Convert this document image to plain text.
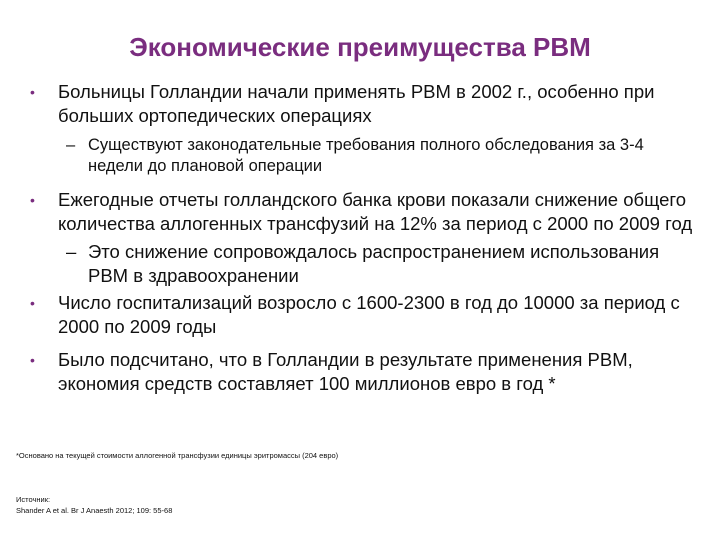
Экономические преимущества PBM
• Больницы Голландии начали применять PBM в 2002 г., особенно при больших ортопедических операциях
– Существуют законодательные требования полного обследования за 3-4 недели до плановой операции
• Ежегодные отчеты голландского банка крови показали снижение общего количества аллогенных трансфузий на 12% за период с 2000 по 2009 год
– Это снижение сопровождалось распространением использования PBM в здравоохранении
• Число госпитализаций возросло с 1600-2300 в год до 10000 за период с 2000 по 2009 годы
• Было подсчитано, что в Голландии в результате применения PBM, экономия средств составляет 100 миллионов евро в год *
*Основано на текущей стоимости аллогенной трансфузии единицы эритромассы (204 евро)
Источник:
Shander A et al. Br J Anaesth 2012; 109: 55-68
